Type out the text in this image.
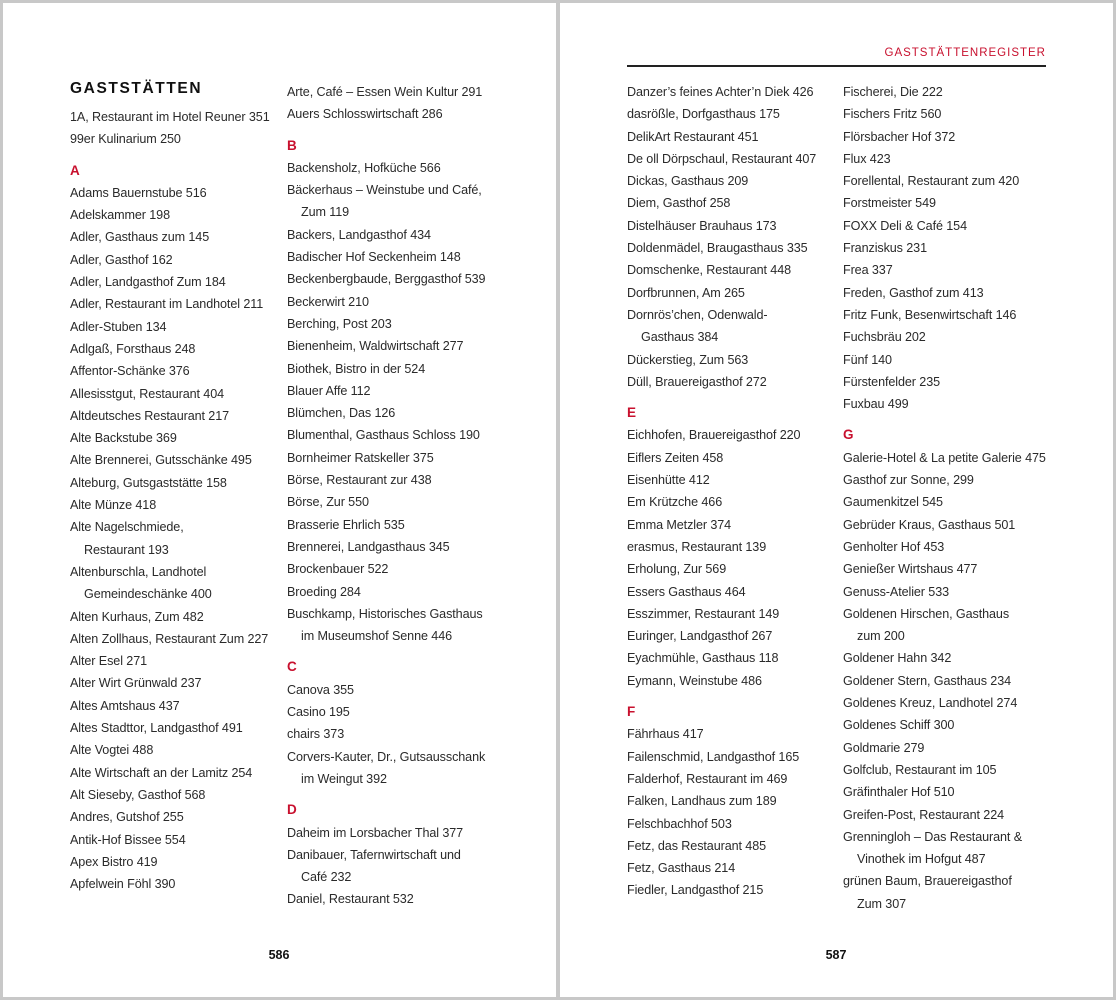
GASTSTÄTTEN
1A, Restaurant im Hotel Reuner 351
99er Kulinarium 250
A
Adams Bauernstube 516
Adelskammer 198
Adler, Gasthaus zum 145
Adler, Gasthof 162
Adler, Landgasthof Zum 184
Adler, Restaurant im Landhotel 211
Adler-Stuben 134
Adlgaß, Forsthaus 248
Affentor-Schänke 376
Allesisstgut, Restaurant 404
Altdeutsches Restaurant 217
Alte Backstube 369
Alte Brennerei, Gutsschänke 495
Alteburg, Gutsgaststätte 158
Alte Münze 418
Alte Nagelschmiede,
Restaurant 193
Altenburschla, Landhotel
Gemeindeschänke 400
Alten Kurhaus, Zum 482
Alten Zollhaus, Restaurant Zum 227
Alter Esel 271
Alter Wirt Grünwald 237
Altes Amtshaus 437
Altes Stadttor, Landgasthof 491
Alte Vogtei 488
Alte Wirtschaft an der Lamitz 254
Alt Sieseby, Gasthof 568
Andres, Gutshof 255
Antik-Hof Bissee 554
Apex Bistro 419
Apfelwein Föhl 390
Arte, Café – Essen Wein Kultur 291
Auers Schlosswirtschaft 286
B
Backensholz, Hofküche 566
Bäckerhaus – Weinstube und Café,
Zum 119
Backers, Landgasthof 434
Badischer Hof Seckenheim 148
Beckenbergbaude, Berggasthof 539
Beckerwirt 210
Berching, Post 203
Bienenheim, Waldwirtschaft 277
Biothek, Bistro in der 524
Blauer Affe 112
Blümchen, Das 126
Blumenthal, Gasthaus Schloss 190
Bornheimer Ratskeller 375
Börse, Restaurant zur 438
Börse, Zur 550
Brasserie Ehrlich 535
Brennerei, Landgasthaus 345
Brockenbauer 522
Broeding 284
Buschkamp, Historisches Gasthaus
im Museumshof Senne 446
C
Canova 355
Casino 195
chairs 373
Corvers-Kauter, Dr., Gutsausschank
im Weingut 392
D
Daheim im Lorsbacher Thal 377
Danibauer, Tafernwirtschaft und
Café 232
Daniel, Restaurant 532
586
GASTSTÄTTENREGISTER
Danzer’s feines Achter’n Diek 426
dasrößle, Dorfgasthaus 175
DelikArt Restaurant 451
De oll Dörpschaul, Restaurant 407
Dickas, Gasthaus 209
Diem, Gasthof 258
Distelhäuser Brauhaus 173
Doldenmädel, Braugasthaus 335
Domschenke, Restaurant 448
Dorfbrunnen, Am 265
Dornrös’chen, Odenwald-
Gasthaus 384
Dückerstieg, Zum 563
Düll, Brauereigasthof 272
E
Eichhofen, Brauereigasthof 220
Eiflers Zeiten 458
Eisenhütte 412
Em Krützche 466
Emma Metzler 374
erasmus, Restaurant 139
Erholung, Zur 569
Essers Gasthaus 464
Esszimmer, Restaurant 149
Euringer, Landgasthof 267
Eyachmühle, Gasthaus 118
Eymann, Weinstube 486
F
Fährhaus 417
Failenschmid, Landgasthof 165
Falderhof, Restaurant im 469
Falken, Landhaus zum 189
Felschbachhof 503
Fetz, das Restaurant 485
Fetz, Gasthaus 214
Fiedler, Landgasthof 215
Fischerei, Die 222
Fischers Fritz 560
Flörsbacher Hof 372
Flux 423
Forellental, Restaurant zum 420
Forstmeister 549
FOXX Deli & Café 154
Franziskus 231
Frea 337
Freden, Gasthof zum 413
Fritz Funk, Besenwirtschaft 146
Fuchsbräu 202
Fünf 140
Fürstenfelder 235
Fuxbau 499
G
Galerie-Hotel & La petite Galerie 475
Gasthof zur Sonne, 299
Gaumenkitzel 545
Gebrüder Kraus, Gasthaus 501
Genholter Hof 453
Genießer Wirtshaus 477
Genuss-Atelier 533
Goldenen Hirschen, Gasthaus
zum 200
Goldener Hahn 342
Goldener Stern, Gasthaus 234
Goldenes Kreuz, Landhotel 274
Goldenes Schiff 300
Goldmarie 279
Golfclub, Restaurant im 105
Gräfinthaler Hof 510
Greifen-Post, Restaurant 224
Grenningloh – Das Restaurant &
Vinothek im Hofgut 487
grünen Baum, Brauereigasthof
Zum 307
587
